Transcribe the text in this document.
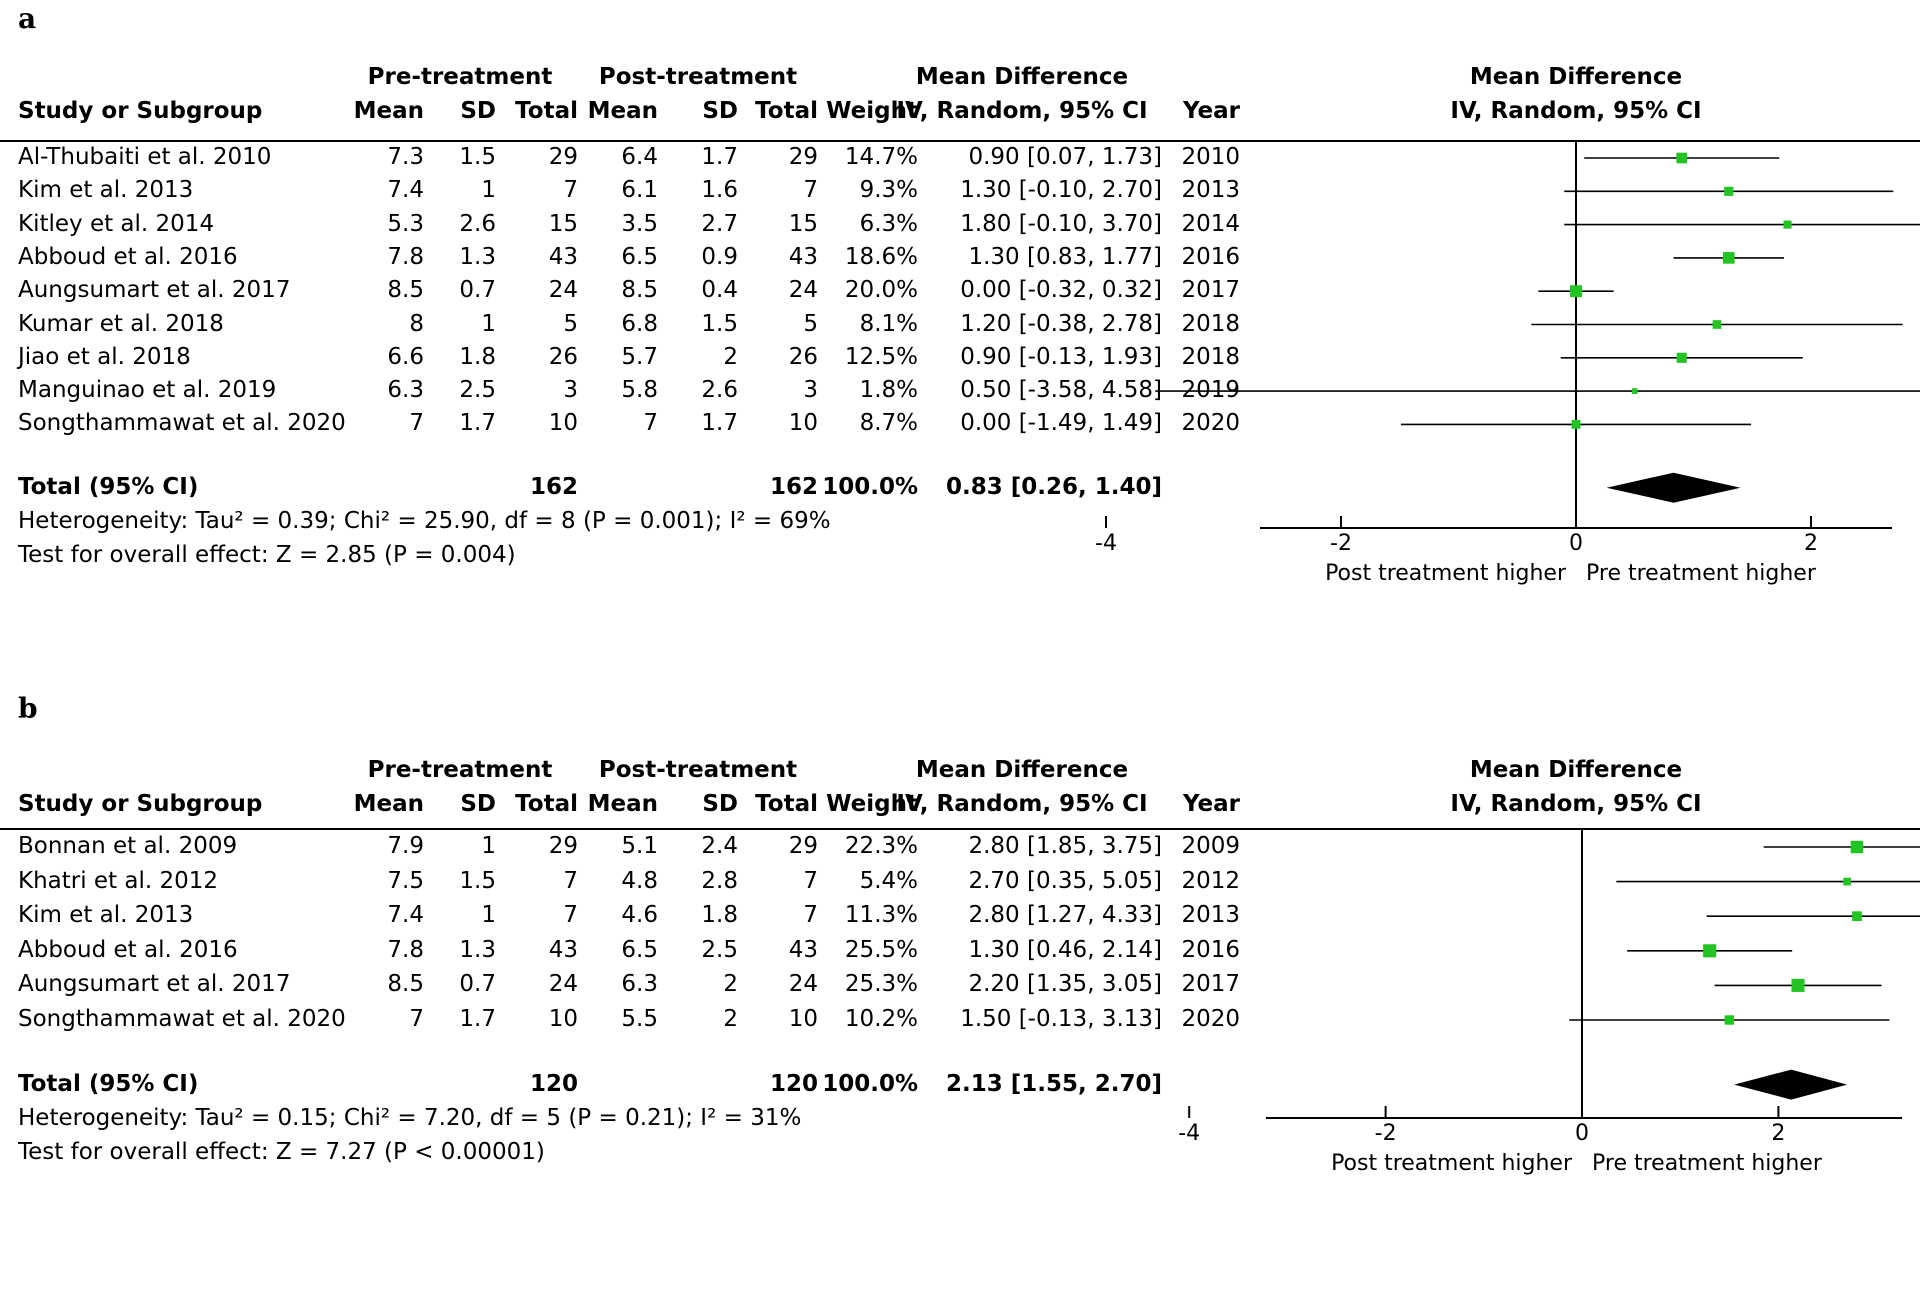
a
Pre-treatment	Post-treatment	Mean Difference	Mean Difference
Study or Subgroup	Mean SD Total Mean SD Total Weight
IV, Random, 95% CI	Year	IV, Random, 95% CI
Al-Thubaiti et al. 2010	7.3 1.5 29 6.4 1.7 29 14.7% 0.90 [0.07, 1.73] 2010
Kim et al. 2013	7.4 1	7 6.1 1.6	7 9.3% 1.30 [-0.10, 2.70] 2013
Kitley et al. 2014	5.3 2.6 15 3.5 2.7 15 6.3% 1.80 [-0.10, 3.70] 2014
Abboud et al. 2016	7.8 1.3 43 6.5 0.9 43 18.6% 1.30 [0.83, 1.77] 2016
Aungsumart et al. 2017	8.5 0.7 24 8.5 0.4 24 20.0% 0.00 [-0.32, 0.32] 2017
Kumar et al. 2018	8 1	5 6.8 1.5	5 8.1% 1.20 [-0.38, 2.78] 2018
Jiao et al. 2018	6.6 1.8 26 5.7	2 26 12.5% 0.90 [-0.13, 1.93] 2018
Manguinao et al. 2019	6.3 2.5	3 5.8 2.6	3 1.8% 0.50 [-3.58, 4.58] 2019
Songthammawat et al. 2020	7 1.7 10	7 1.7 10 8.7% 0.00 [-1.49, 1.49] 2020
Total (95% CI)	162	162 100.0% 0.83 [0.26, 1.40]
Heterogeneity: Tau² = 0.39; Chi² = 25.90, df = 8 (P = 0.001); I² = 69%
Test for overall effect: Z = 2.85 (P = 0.004)	-4	-2	0	2
Post treatment higher Pre treatment higher
b
Pre-treatment	Post-treatment	Mean Difference	Mean Difference
Study or Subgroup	Mean SD Total Mean SD Total Weight
IV, Random, 95% CI	Year	IV, Random, 95% CI
Bonnan et al. 2009	7.9 1 29 5.1 2.4 29 22.3% 2.80 [1.85, 3.75] 2009
Khatri et al. 2012	7.5 1.5	7 4.8 2.8	7 5.4% 2.70 [0.35, 5.05] 2012
Kim et al. 2013	7.4 1	7 4.6 1.8	7 11.3% 2.80 [1.27, 4.33] 2013
Abboud et al. 2016	7.8 1.3 43 6.5 2.5 43 25.5% 1.30 [0.46, 2.14] 2016
Aungsumart et al. 2017	8.5 0.7 24 6.3	2 24 25.3% 2.20 [1.35, 3.05] 2017
Songthammawat et al. 2020	7 1.7 10 5.5	2 10 10.2% 1.50 [-0.13, 3.13] 2020
Total (95% CI)	120	120 100.0% 2.13 [1.55, 2.70]
Heterogeneity: Tau² = 0.15; Chi² = 7.20, df = 5 (P = 0.21); I² = 31%
Test for overall effect: Z = 7.27 (P < 0.00001)
-4	-2	0	2
Post treatment higher Pre treatment higher
